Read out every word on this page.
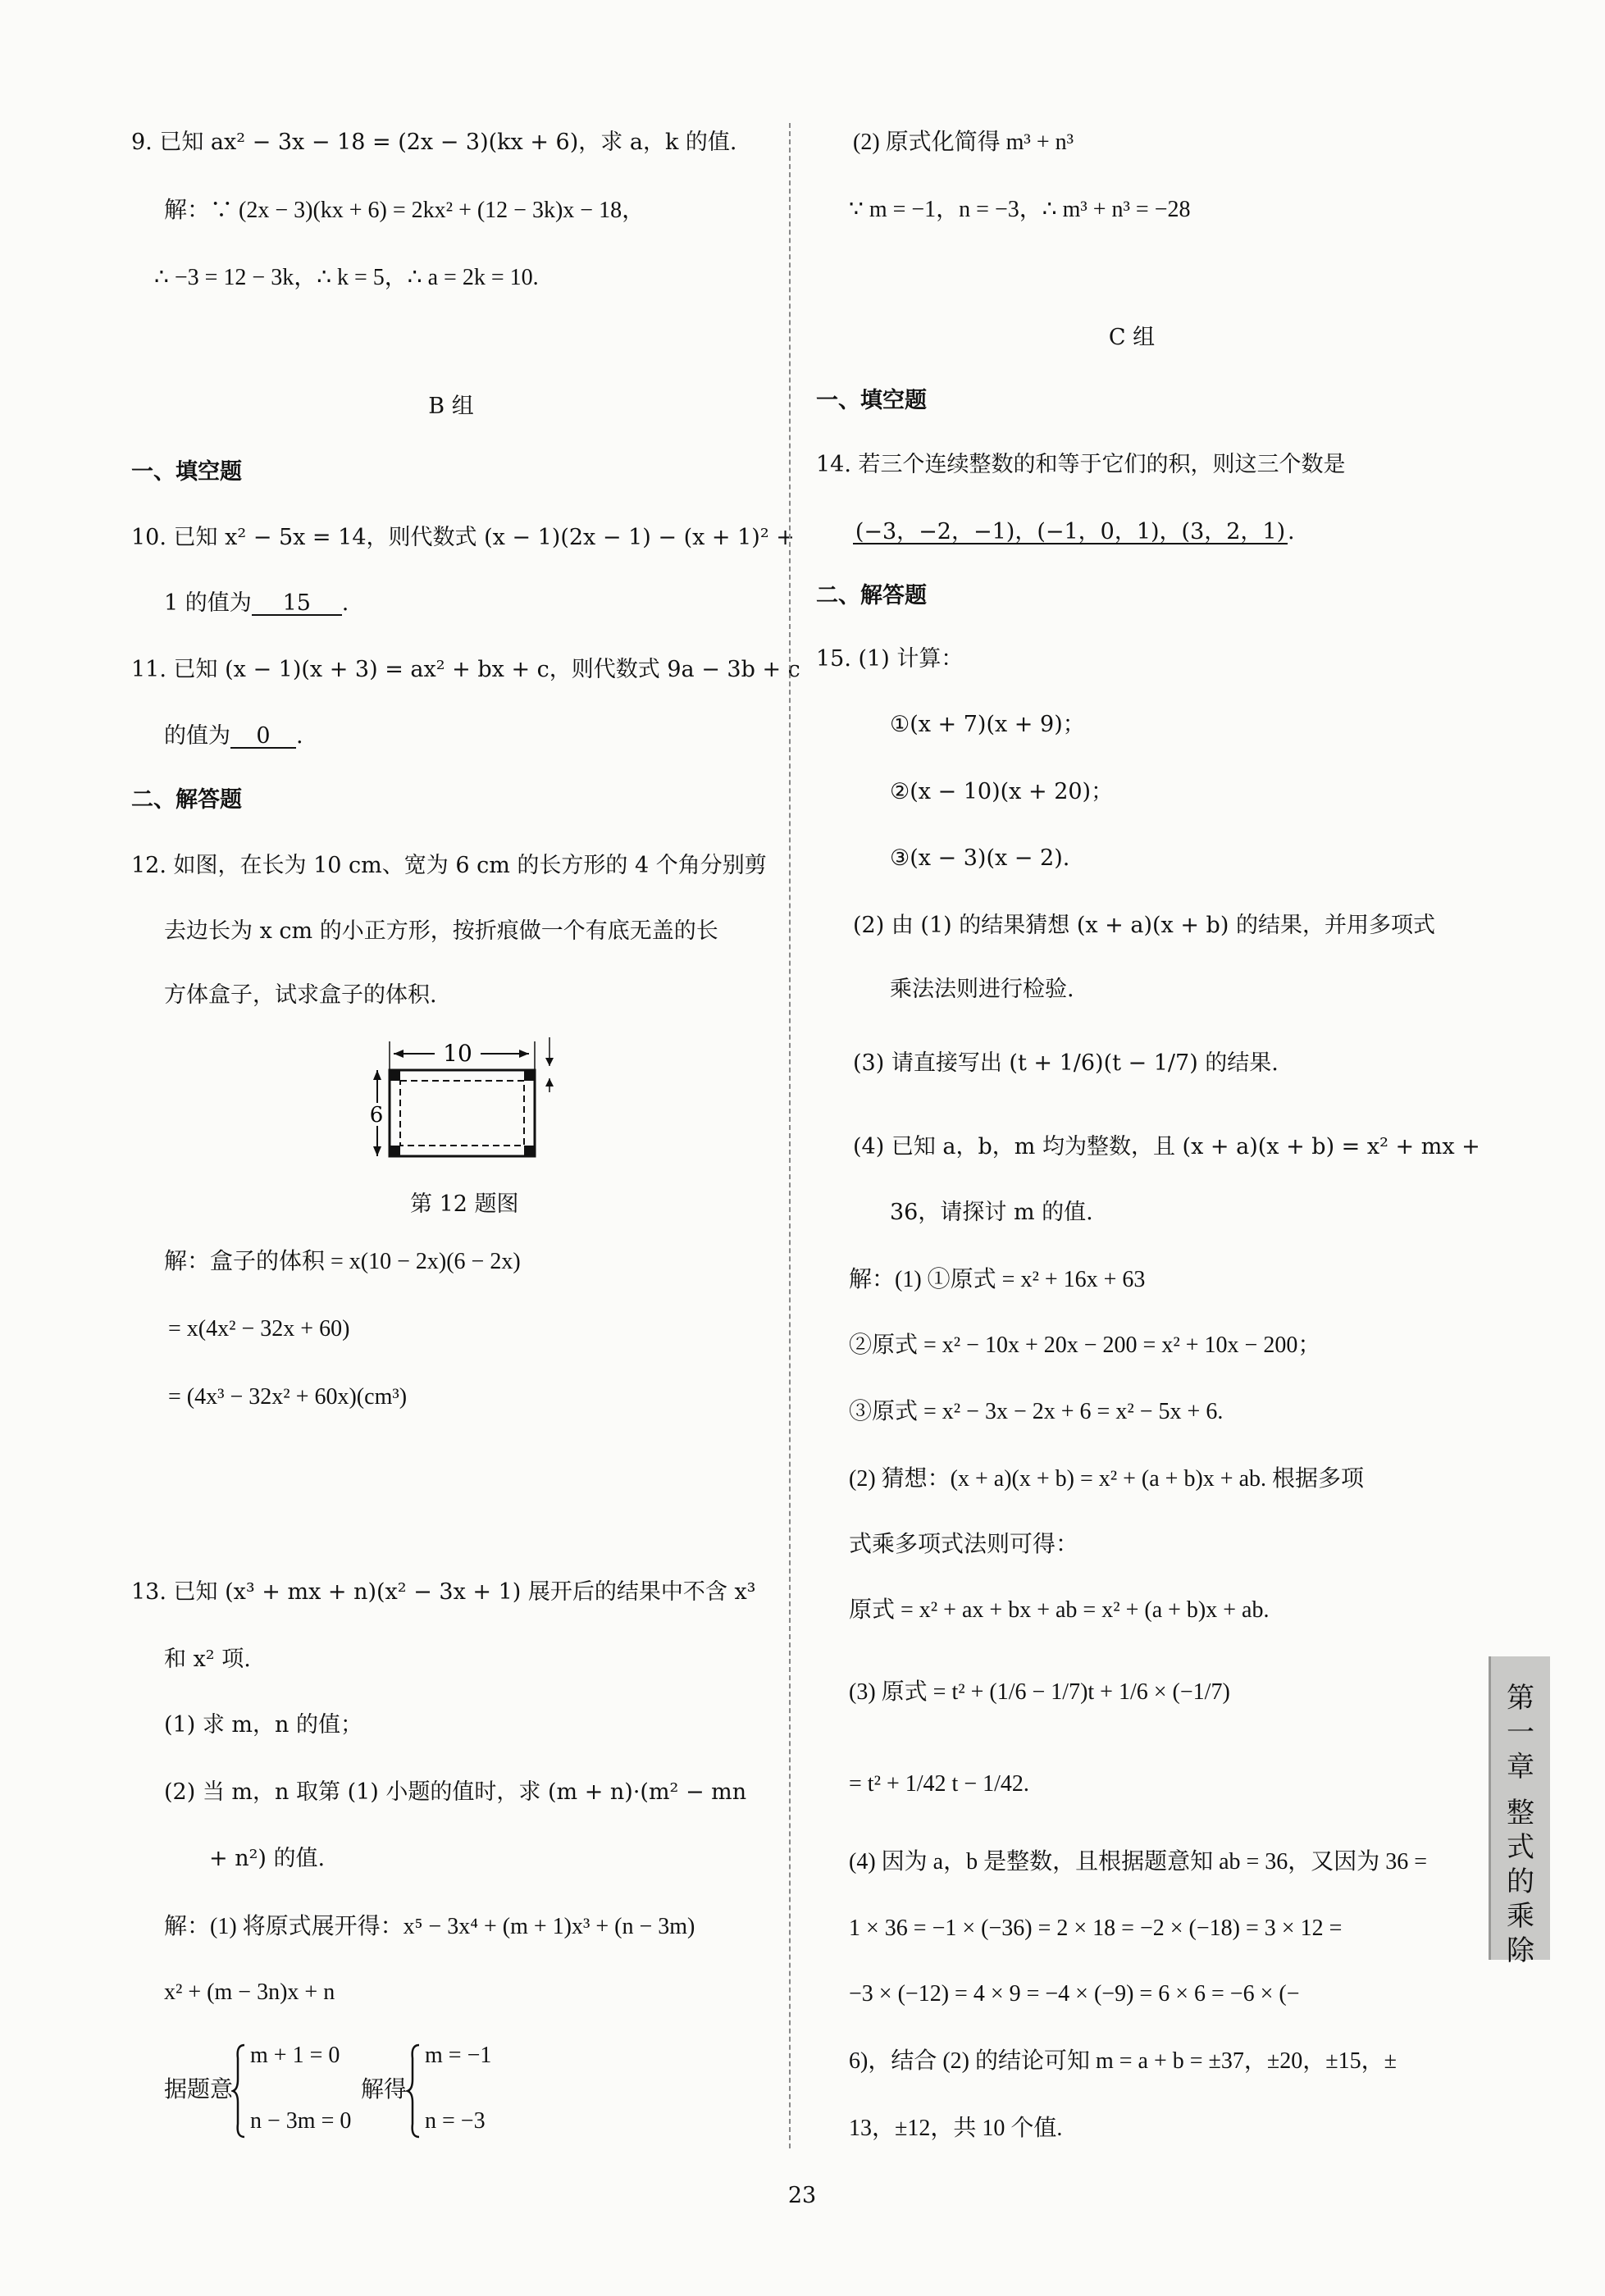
9. 已知 ax² − 3x − 18 = (2x − 3)(kx + 6)，求 a，k 的值.
解：∵ (2x − 3)(kx + 6) = 2kx² + (12 − 3k)x − 18，
∴ −3 = 12 − 3k，∴ k = 5，∴ a = 2k = 10.
B 组
一、填空题
10. 已知 x² − 5x = 14，则代数式 (x − 1)(2x − 1) − (x + 1)² +
1 的值为 15 .
11. 已知 (x − 1)(x + 3) = ax² + bx + c，则代数式 9a − 3b + c
的值为 0 .
二、解答题
12. 如图，在长为 10 cm、宽为 6 cm 的长方形的 4 个角分别剪
去边长为 x cm 的小正方形，按折痕做一个有底无盖的长
方体盒子，试求盒子的体积.
10
6
第 12 题图
解：盒子的体积 = x(10 − 2x)(6 − 2x)
= x(4x² − 32x + 60)
= (4x³ − 32x² + 60x)(cm³)
13. 已知 (x³ + mx + n)(x² − 3x + 1) 展开后的结果中不含 x³
和 x² 项.
(1) 求 m，n 的值；
(2) 当 m，n 取第 (1) 小题的值时，求 (m + n)·(m² − mn
+ n²) 的值.
解：(1) 将原式展开得：x⁵ − 3x⁴ + (m + 1)x³ + (n − 3m)
x² + (m − 3n)x + n
据题意
m + 1 = 0
n − 3m = 0
解得
m = −1
n = −3
(2) 原式化简得 m³ + n³
∵ m = −1，n = −3，∴ m³ + n³ = −28
C 组
一、填空题
14. 若三个连续整数的和等于它们的积，则这三个数是
(−3，−2，−1)，(−1，0，1)，(3，2，1) .
二、解答题
15. (1) 计算：
①(x + 7)(x + 9)；
②(x − 10)(x + 20)；
③(x − 3)(x − 2).
(2) 由 (1) 的结果猜想 (x + a)(x + b) 的结果，并用多项式
乘法法则进行检验.
(3) 请直接写出 (t + 1/6)(t − 1/7) 的结果.
(4) 已知 a，b，m 均为整数，且 (x + a)(x + b) = x² + mx +
36，请探讨 m 的值.
解：(1) ①原式 = x² + 16x + 63
②原式 = x² − 10x + 20x − 200 = x² + 10x − 200；
③原式 = x² − 3x − 2x + 6 = x² − 5x + 6.
(2) 猜想：(x + a)(x + b) = x² + (a + b)x + ab. 根据多项
式乘多项式法则可得：
原式 = x² + ax + bx + ab = x² + (a + b)x + ab.
(3) 原式 = t² + (1/6 − 1/7)t + 1/6 × (−1/7)
= t² + 1/42 t − 1/42.
(4) 因为 a，b 是整数，且根据题意知 ab = 36，又因为 36 =
1 × 36 = −1 × (−36) = 2 × 18 = −2 × (−18) = 3 × 12 =
−3 × (−12) = 4 × 9 = −4 × (−9) = 6 × 6 = −6 × (−
6)，结合 (2) 的结论可知 m = a + b = ±37，±20，±15，±
13，±12，共 10 个值.
第
一
章

整
式
的
乘
除
23
